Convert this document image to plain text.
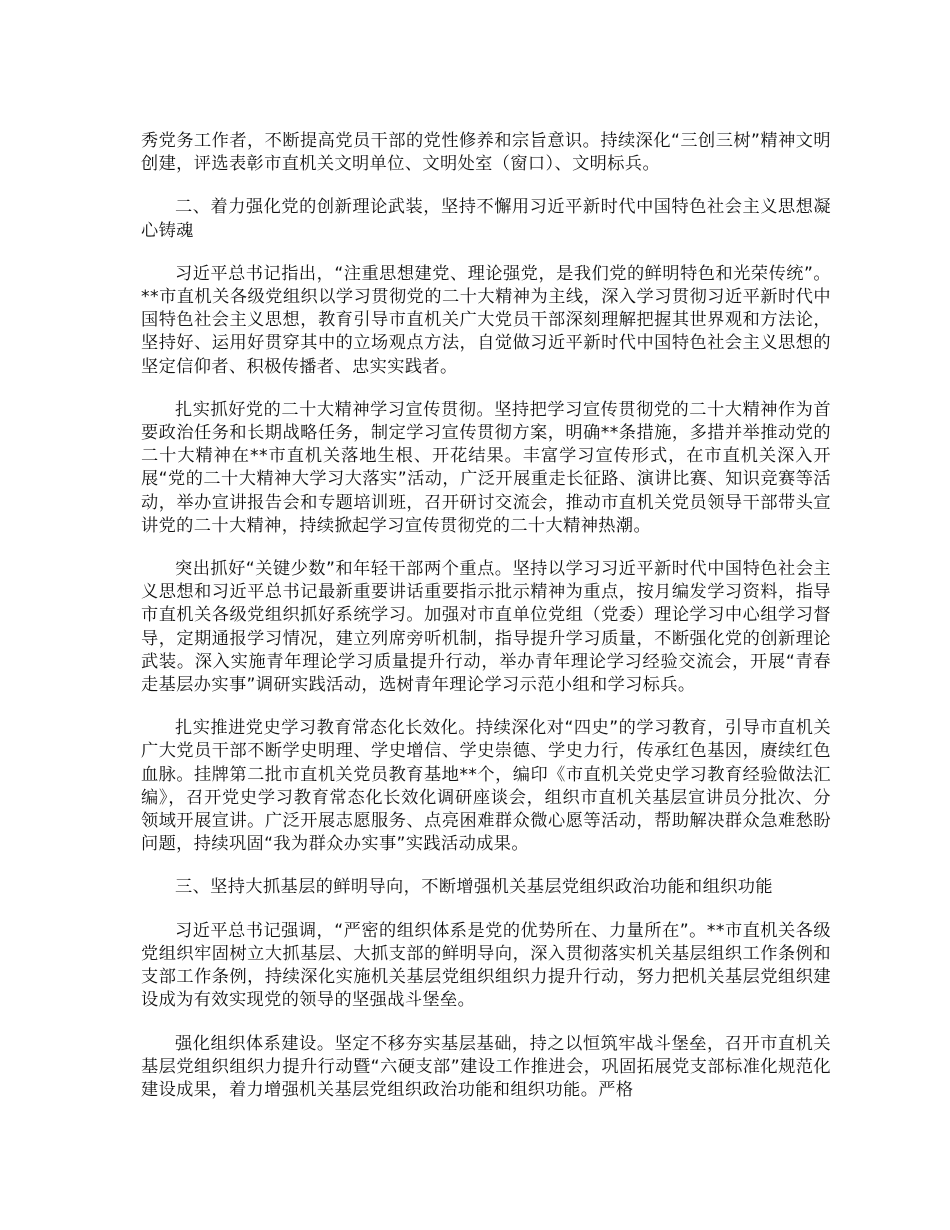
秀党务工作者，不断提高党员干部的党性修养和宗旨意识。持续深化“三创三树”精神文明创建，评选表彰市直机关文明单位、文明处室（窗口）、文明标兵。

二、着力强化党的创新理论武装，坚持不懈用习近平新时代中国特色社会主义思想凝心铸魂

习近平总书记指出，“注重思想建党、理论强党，是我们党的鲜明特色和光荣传统”。**市直机关各级党组织以学习贯彻党的二十大精神为主线，深入学习贯彻习近平新时代中国特色社会主义思想，教育引导市直机关广大党员干部深刻理解把握其世界观和方法论，坚持好、运用好贯穿其中的立场观点方法，自觉做习近平新时代中国特色社会主义思想的坚定信仰者、积极传播者、忠实实践者。

扎实抓好党的二十大精神学习宣传贯彻。坚持把学习宣传贯彻党的二十大精神作为首要政治任务和长期战略任务，制定学习宣传贯彻方案，明确**条措施，多措并举推动党的二十大精神在**市直机关落地生根、开花结果。丰富学习宣传形式，在市直机关深入开展“党的二十大精神大学习大落实”活动，广泛开展重走长征路、演讲比赛、知识竞赛等活动，举办宣讲报告会和专题培训班，召开研讨交流会，推动市直机关党员领导干部带头宣讲党的二十大精神，持续掀起学习宣传贯彻党的二十大精神热潮。

突出抓好“关键少数”和年轻干部两个重点。坚持以学习习近平新时代中国特色社会主义思想和习近平总书记最新重要讲话重要指示批示精神为重点，按月编发学习资料，指导市直机关各级党组织抓好系统学习。加强对市直单位党组（党委）理论学习中心组学习督导，定期通报学习情况，建立列席旁听机制，指导提升学习质量，不断强化党的创新理论武装。深入实施青年理论学习质量提升行动，举办青年理论学习经验交流会，开展“青春走基层办实事”调研实践活动，选树青年理论学习示范小组和学习标兵。

扎实推进党史学习教育常态化长效化。持续深化对“四史”的学习教育，引导市直机关广大党员干部不断学史明理、学史增信、学史崇德、学史力行，传承红色基因，赓续红色血脉。挂牌第二批市直机关党员教育基地**个，编印《市直机关党史学习教育经验做法汇编》，召开党史学习教育常态化长效化调研座谈会，组织市直机关基层宣讲员分批次、分领域开展宣讲。广泛开展志愿服务、点亮困难群众微心愿等活动，帮助解决群众急难愁盼问题，持续巩固“我为群众办实事”实践活动成果。

三、坚持大抓基层的鲜明导向，不断增强机关基层党组织政治功能和组织功能

习近平总书记强调，“严密的组织体系是党的优势所在、力量所在”。**市直机关各级党组织牢固树立大抓基层、大抓支部的鲜明导向，深入贯彻落实机关基层组织工作条例和支部工作条例，持续深化实施机关基层党组织组织力提升行动，努力把机关基层党组织建设成为有效实现党的领导的坚强战斗堡垒。

强化组织体系建设。坚定不移夯实基层基础，持之以恒筑牢战斗堡垒，召开市直机关基层党组织组织力提升行动暨“六硬支部”建设工作推进会，巩固拓展党支部标准化规范化建设成果，着力增强机关基层党组织政治功能和组织功能。严格
